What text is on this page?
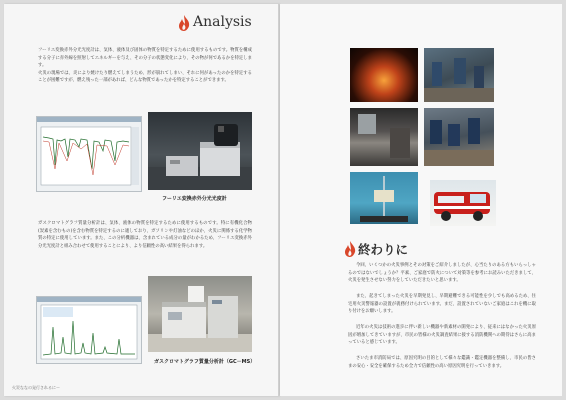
Analysis
フーリエ変換赤外分光光度計は、気体、液体及び固体の物質を特定するために使用するものです。物質を構成する分子に赤外線を照射してエネルギーを与え、その分子の状態変化により、その物が何であるかを特定します。
火災の現場では、炎により焼けたり燃えてしまうため、形が崩れてしまい、それに何があったのかを特定することが困難ですが、燃え残った一部があれば、どんな物質であったかを特定することができます。
フーリエ変換赤外分光光度計
ガスクロマトグラフ質量分析計は、気体、液体の物質を特定するために使用するものです。特に有機化合物(炭素を含むもの)を含む物質を特定するのに適しており、ガソリンや灯油などのほか、火災に関係する化学物質の特定に使用しています。また、この分析機器は、含まれている成分の量がわかるため、フーリエ変換赤外分光光度計と組み合わせて使用することにより、より信頼性の高い結果を得られます。
ガスクロマトグラフ質量分析計（GC－MS）
火災ななの発行されるにー
終わりに
今回、いくつかの火災事例とその対策をご紹介しましたが、心当たりのある方もいらっしゃるのではないでしょうか？平素、ご家庭で防火について対策等を参考にお読みいただきまして、火災を発生させない努力をしていただきたいと思います。
また、起きてしまった火災を早期発見し、早期避難できる可能性を少しでも高めるため、住宅用火災警報器の設置が義務付けられています。まだ、設置されていないご家庭はこれを機に取り付けをお願いします。
近年の火災は技術の進歩に伴い新しい機器や新素材の開発により、従来にはなかった火災原因が増加してきていますが、市民の皆様の火災調査結果に接する消防機関への期待はさらに高まっていると感じています。
さいたま市消防局では、原因究明の目的として様々な鑑識・鑑定機器を整備し、市民の皆さまの安心・安全を確保するため全力で信頼性の高い原因究明を行っていきます。
